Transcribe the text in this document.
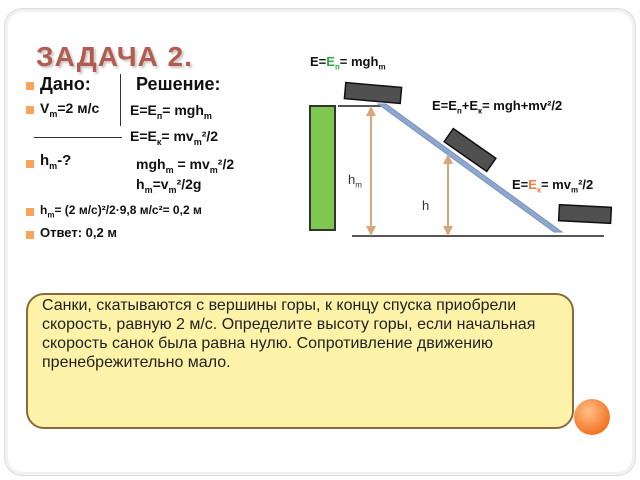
ЗАДАЧА 2.
Дано:
$V_m=2$ м/с
$h_m-$?
$h_m= (2$ м/с)²/2·9,8 м/с²= 0,2 м
Ответ: 0,2 м
Решение:
$E=E_п= mgh_m$
$E=E_к= mv_m^2/2$
$mgh_m = mv_m^2/2$
$h_m=v_m^2/2g$
$E=E_п= mgh_m$
$E=E_п+E_к= mgh+mv^2/2$
$E=E_к= mv_m^2/2$
$h_m$
h
Санки, скатываются с вершины горы, к концу спуска приобрели скорость, равную 2 м/с. Определите высоту горы, если начальная скорость санок была равна нулю. Сопротивление движению пренебрежительно мало.
